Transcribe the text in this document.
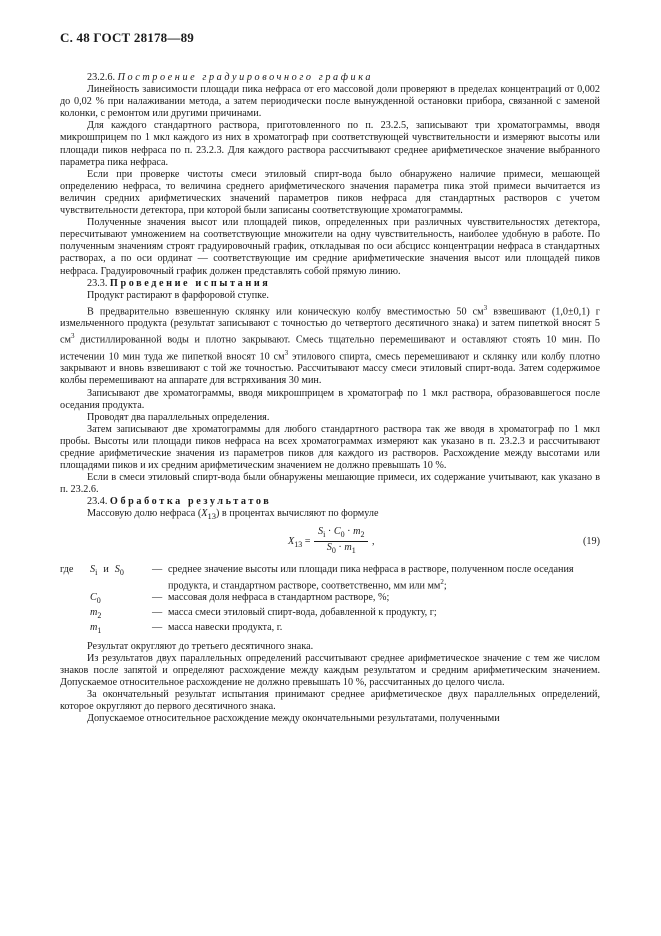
С. 48 ГОСТ 28178—89

23.2.6. Построение градуировочного графика

Линейность зависимости площади пика нефраса от его массовой доли проверяют в пределах концентраций от 0,002 до 0,02 % при налаживании метода, а затем периодически после вынужденной остановки прибора, связанной с заменой колонки, с ремонтом или другими причинами.

Для каждого стандартного раствора, приготовленного по п. 23.2.5, записывают три хроматограммы, вводя микрошприцем по 1 мкл каждого из них в хроматограф при соответствующей чувствительности и измеряют высоты или площади пиков нефраса по п. 23.2.3. Для каждого раствора рассчитывают среднее арифметическое значение выбранного параметра пика нефраса.

Если при проверке чистоты смеси этиловый спирт-вода было обнаружено наличие примеси, мешающей определению нефраса, то величина среднего арифметического значения параметра пика этой примеси вычитается из величин средних арифметических значений параметров пиков нефраса для стандартных растворов с учетом чувствительности детектора, при которой были записаны соответствующие хроматограммы.

Полученные значения высот или площадей пиков, определенных при различных чувствительностях детектора, пересчитывают умножением на соответствующие множители на одну чувствительность, наиболее удобную в работе. По полученным значениям строят градуировочный график, откладывая по оси абсцисс концентрации нефраса в стандартных растворах, а по оси ординат — соответствующие им средние арифметические значения высот или площадей пиков нефраса. Градуировочный график должен представлять собой прямую линию.

23.3. Проведение испытания

Продукт растирают в фарфоровой ступке.

В предварительно взвешенную склянку или коническую колбу вместимостью 50 $см^3$ взвешивают (1,0±0,1) г измельченного продукта (результат записывают с точностью до четвертого десятичного знака) и затем пипеткой вносят 5 $см^3$ дистиллированной воды и плотно закрывают. Смесь тщательно перемешивают и оставляют стоять 10 мин. По истечении 10 мин туда же пипеткой вносят 10 $см^3$ этилового спирта, смесь перемешивают и склянку или колбу плотно закрывают и вновь взвешивают с той же точностью. Рассчитывают массу смеси этиловый спирт-вода. Затем содержимое колбы перемешивают на аппарате для встряхивания 30 мин.

Записывают две хроматограммы, вводя микрошприцем в хроматограф по 1 мкл раствора, образовавшегося после оседания продукта.

Проводят два параллельных определения.

Затем записывают две хроматограммы для любого стандартного раствора так же вводя в хроматограф по 1 мкл пробы. Высоты или площади пиков нефраса на всех хроматограммах измеряют как указано в п. 23.2.3 и рассчитывают средние арифметические значения из параметров пиков для каждого из растворов. Расхождение между высотами или площадями пиков и их средним арифметическим значением не должно превышать 10 %.

Если в смеси этиловый спирт-вода были обнаружены мешающие примеси, их содержание учитывают, как указано в п. 23.2.6.

23.4. Обработка результатов

Массовую долю нефраса $(X_{13})$ в процентах вычисляют по формуле

$X_{13} = \frac{S_i \cdot C_0 \cdot m_2}{S_0 \cdot m_1}$ ,	(19)
где	$S_i$ и $S_0$	— среднее значение высоты или площади пика нефраса в растворе, полученном после оседания продукта, и стандартном растворе, соответственно, мм или $мм^2$;
$C_0$	— массовая доля нефраса в стандартном растворе, %;
$m_2$	— масса смеси этиловый спирт-вода, добавленной к продукту, г;
$m_1$	— масса навески продукта, г.

Результат округляют до третьего десятичного знака.

Из результатов двух параллельных определений рассчитывают среднее арифметическое значение с тем же числом знаков после запятой и определяют расхождение между каждым результатом и средним арифметическим значением. Допускаемое относительное расхождение не должно превышать 10 %, рассчитанных до целого числа.

За окончательный результат испытания принимают среднее арифметическое двух параллельных определений, которое округляют до первого десятичного знака.

Допускаемое относительное расхождение между окончательными результатами, полученными
